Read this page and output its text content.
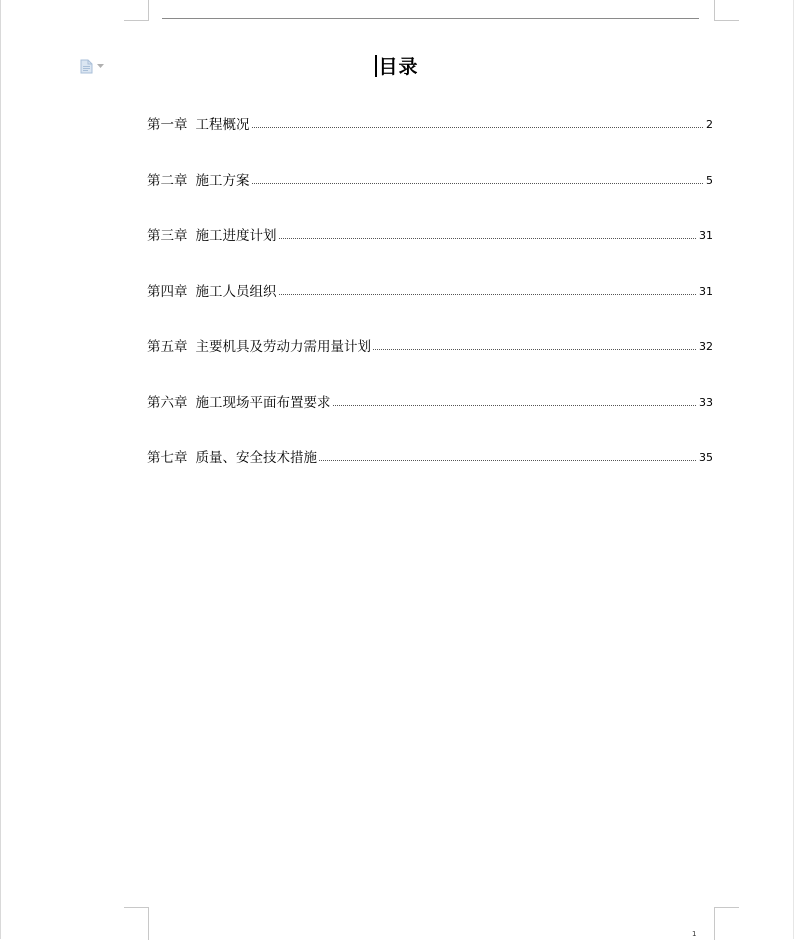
目录
第一章 工程概况	2
第二章 施工方案	5
第三章 施工进度计划	31
第四章 施工人员组织	31
第五章 主要机具及劳动力需用量计划	32
第六章 施工现场平面布置要求	33
第七章 质量、安全技术措施	35
1
